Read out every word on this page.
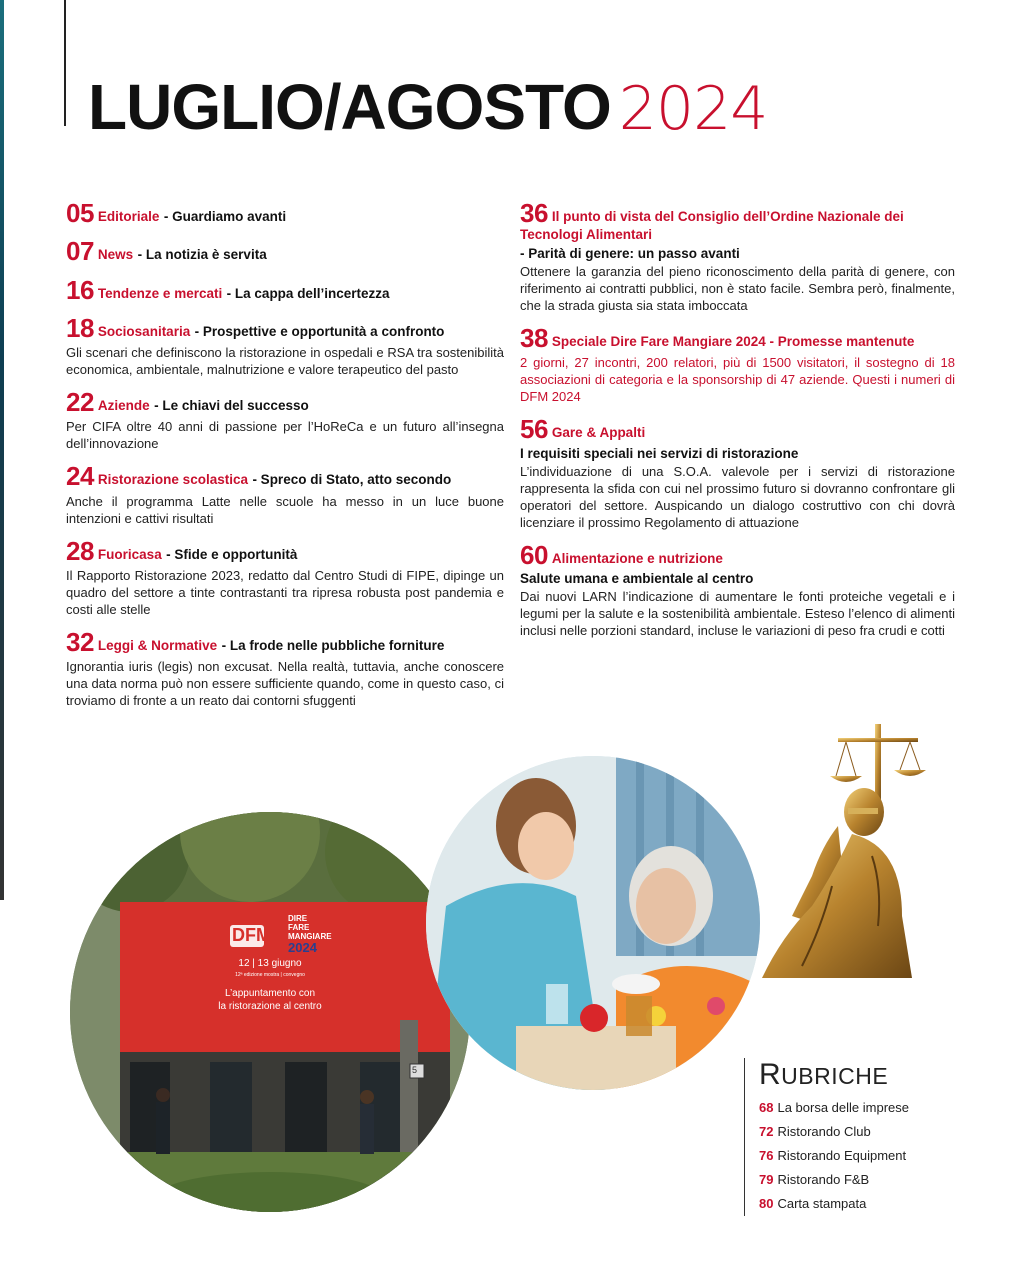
LUGLIO/AGOSTO 2024
05 Editoriale - Guardiamo avanti
07 News - La notizia è servita
16 Tendenze e mercati - La cappa dell’incertezza
18 Sociosanitaria - Prospettive e opportunità a confronto

Gli scenari che definiscono la ristorazione in ospedali e RSA tra sostenibilità economica, ambientale, malnutrizione e valore terapeutico del pasto

22 Aziende - Le chiavi del successo

Per CIFA oltre 40 anni di passione per l’HoReCa e un futuro all’insegna dell’innovazione

24 Ristorazione scolastica - Spreco di Stato, atto secondo

Anche il programma Latte nelle scuole ha messo in un luce buone intenzioni e cattivi risultati

28 Fuoricasa - Sfide e opportunità

Il Rapporto Ristorazione 2023, redatto dal Centro Studi di FIPE, dipinge un quadro del settore a tinte contrastanti tra ripresa robusta post pandemia e costi alle stelle

32 Leggi & Normative - La frode nelle pubbliche forniture

Ignorantia iuris (legis) non excusat. Nella realtà, tuttavia, anche conoscere una data norma può non essere sufficiente quando, come in questo caso, ci troviamo di fronte a un reato dai contorni sfuggenti

36 Il punto di vista del Consiglio dell’Ordine Nazionale dei Tecnologi Alimentari
- Parità di genere: un passo avanti

Ottenere la garanzia del pieno riconoscimento della parità di genere, con riferimento ai contratti pubblici, non è stato facile. Sembra però, finalmente, che la strada giusta sia stata imboccata

38 Speciale Dire Fare Mangiare 2024 - Promesse mantenute

2 giorni, 27 incontri, 200 relatori, più di 1500 visitatori, il sostegno di 18 associazioni di categoria e la sponsorship di 47 aziende. Questi i numeri di DFM 2024

56 Gare & Appalti
I requisiti speciali nei servizi di ristorazione

L’individuazione di una S.O.A. valevole per i servizi di ristorazione rappresenta la sfida con cui nel prossimo futuro si dovranno confrontare gli operatori del settore. Auspicando un dialogo costruttivo con chi dovrà licenziare il prossimo Regolamento di attuazione

60 Alimentazione e nutrizione
Salute umana e ambientale al centro

Dai nuovi LARN l’indicazione di aumentare le fonti proteiche vegetali e i legumi per la salute e la sostenibilità ambientale. Esteso l’elenco di alimenti inclusi nelle porzioni standard, incluse le variazioni di peso fra crudi e cotti

DFM
DIRE
FARE
MANGIARE
2024
12 | 13 giugno
12ª edizione mostra | convegno
L’appuntamento con
la ristorazione al centro
5	RUBRICHE
68 La borsa delle imprese
72 Ristorando Club
76 Ristorando Equipment
79 Ristorando F&B
80 Carta stampata
